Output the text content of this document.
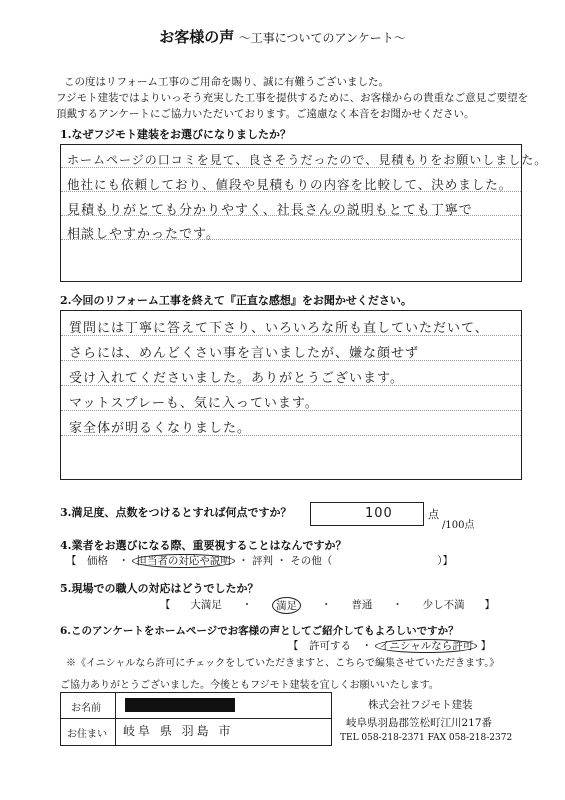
お客様の声 〜工事についてのアンケート〜
この度はリフォーム工事のご用命を賜り、誠に有難うございました。
フジモト建装ではよりいっそう充実した工事を提供するために、お客様からの貴重なご意見ご要望を
頂戴するアンケートにご協力いただいております。ご遠慮なく本音をお聞かせください。
1.なぜフジモト建装をお選びになりましたか？
ホームページの口コミを見て、良さそうだったので、見積もりをお願いしました。
他社にも依頼しており、値段や見積もりの内容を比較して、決めました。
見積もりがとても分かりやすく、社長さんの説明もとても丁寧で
相談しやすかったです。
2.今回のリフォーム工事を終えて『正直な感想』をお聞かせください。
質問には丁寧に答えて下さり、いろいろな所も直していただいて、
さらには、めんどくさい事を言いましたが、嫌な顔せず
受け入れてくださいました。ありがとうございます。
マットスプレーも、気に入っています。
家全体が明るくなりました。
3.満足度、点数をつけるとすれば何点ですか？	100	点
/100点
4.業者をお選びになる際、重要視することはなんですか？
【　価格　・ 担当者の対応や説明 ・ 評判 ・ その他（　　　　　　　　　　）】
5.現場での職人の対応はどうでしたか？
【 大満足 ・	満足	・ 普通 ・ 少し不満 】
6.このアンケートをホームページでお客様の声としてご紹介してもよろしいですか？
【　許可する　・ イニシャルなら許可 】
※《イニシャルなら許可にチェックをしていただきますと、こちらで編集させていただきます。》
ご協力ありがとうございました。今後ともフジモト建装を宜しくお願いいたします。
お名前
お住まい 岐阜 県 羽島 市
株式会社フジモト建装
岐阜県羽島郡笠松町江川217番
TEL 058-218-2371 FAX 058-218-2372
